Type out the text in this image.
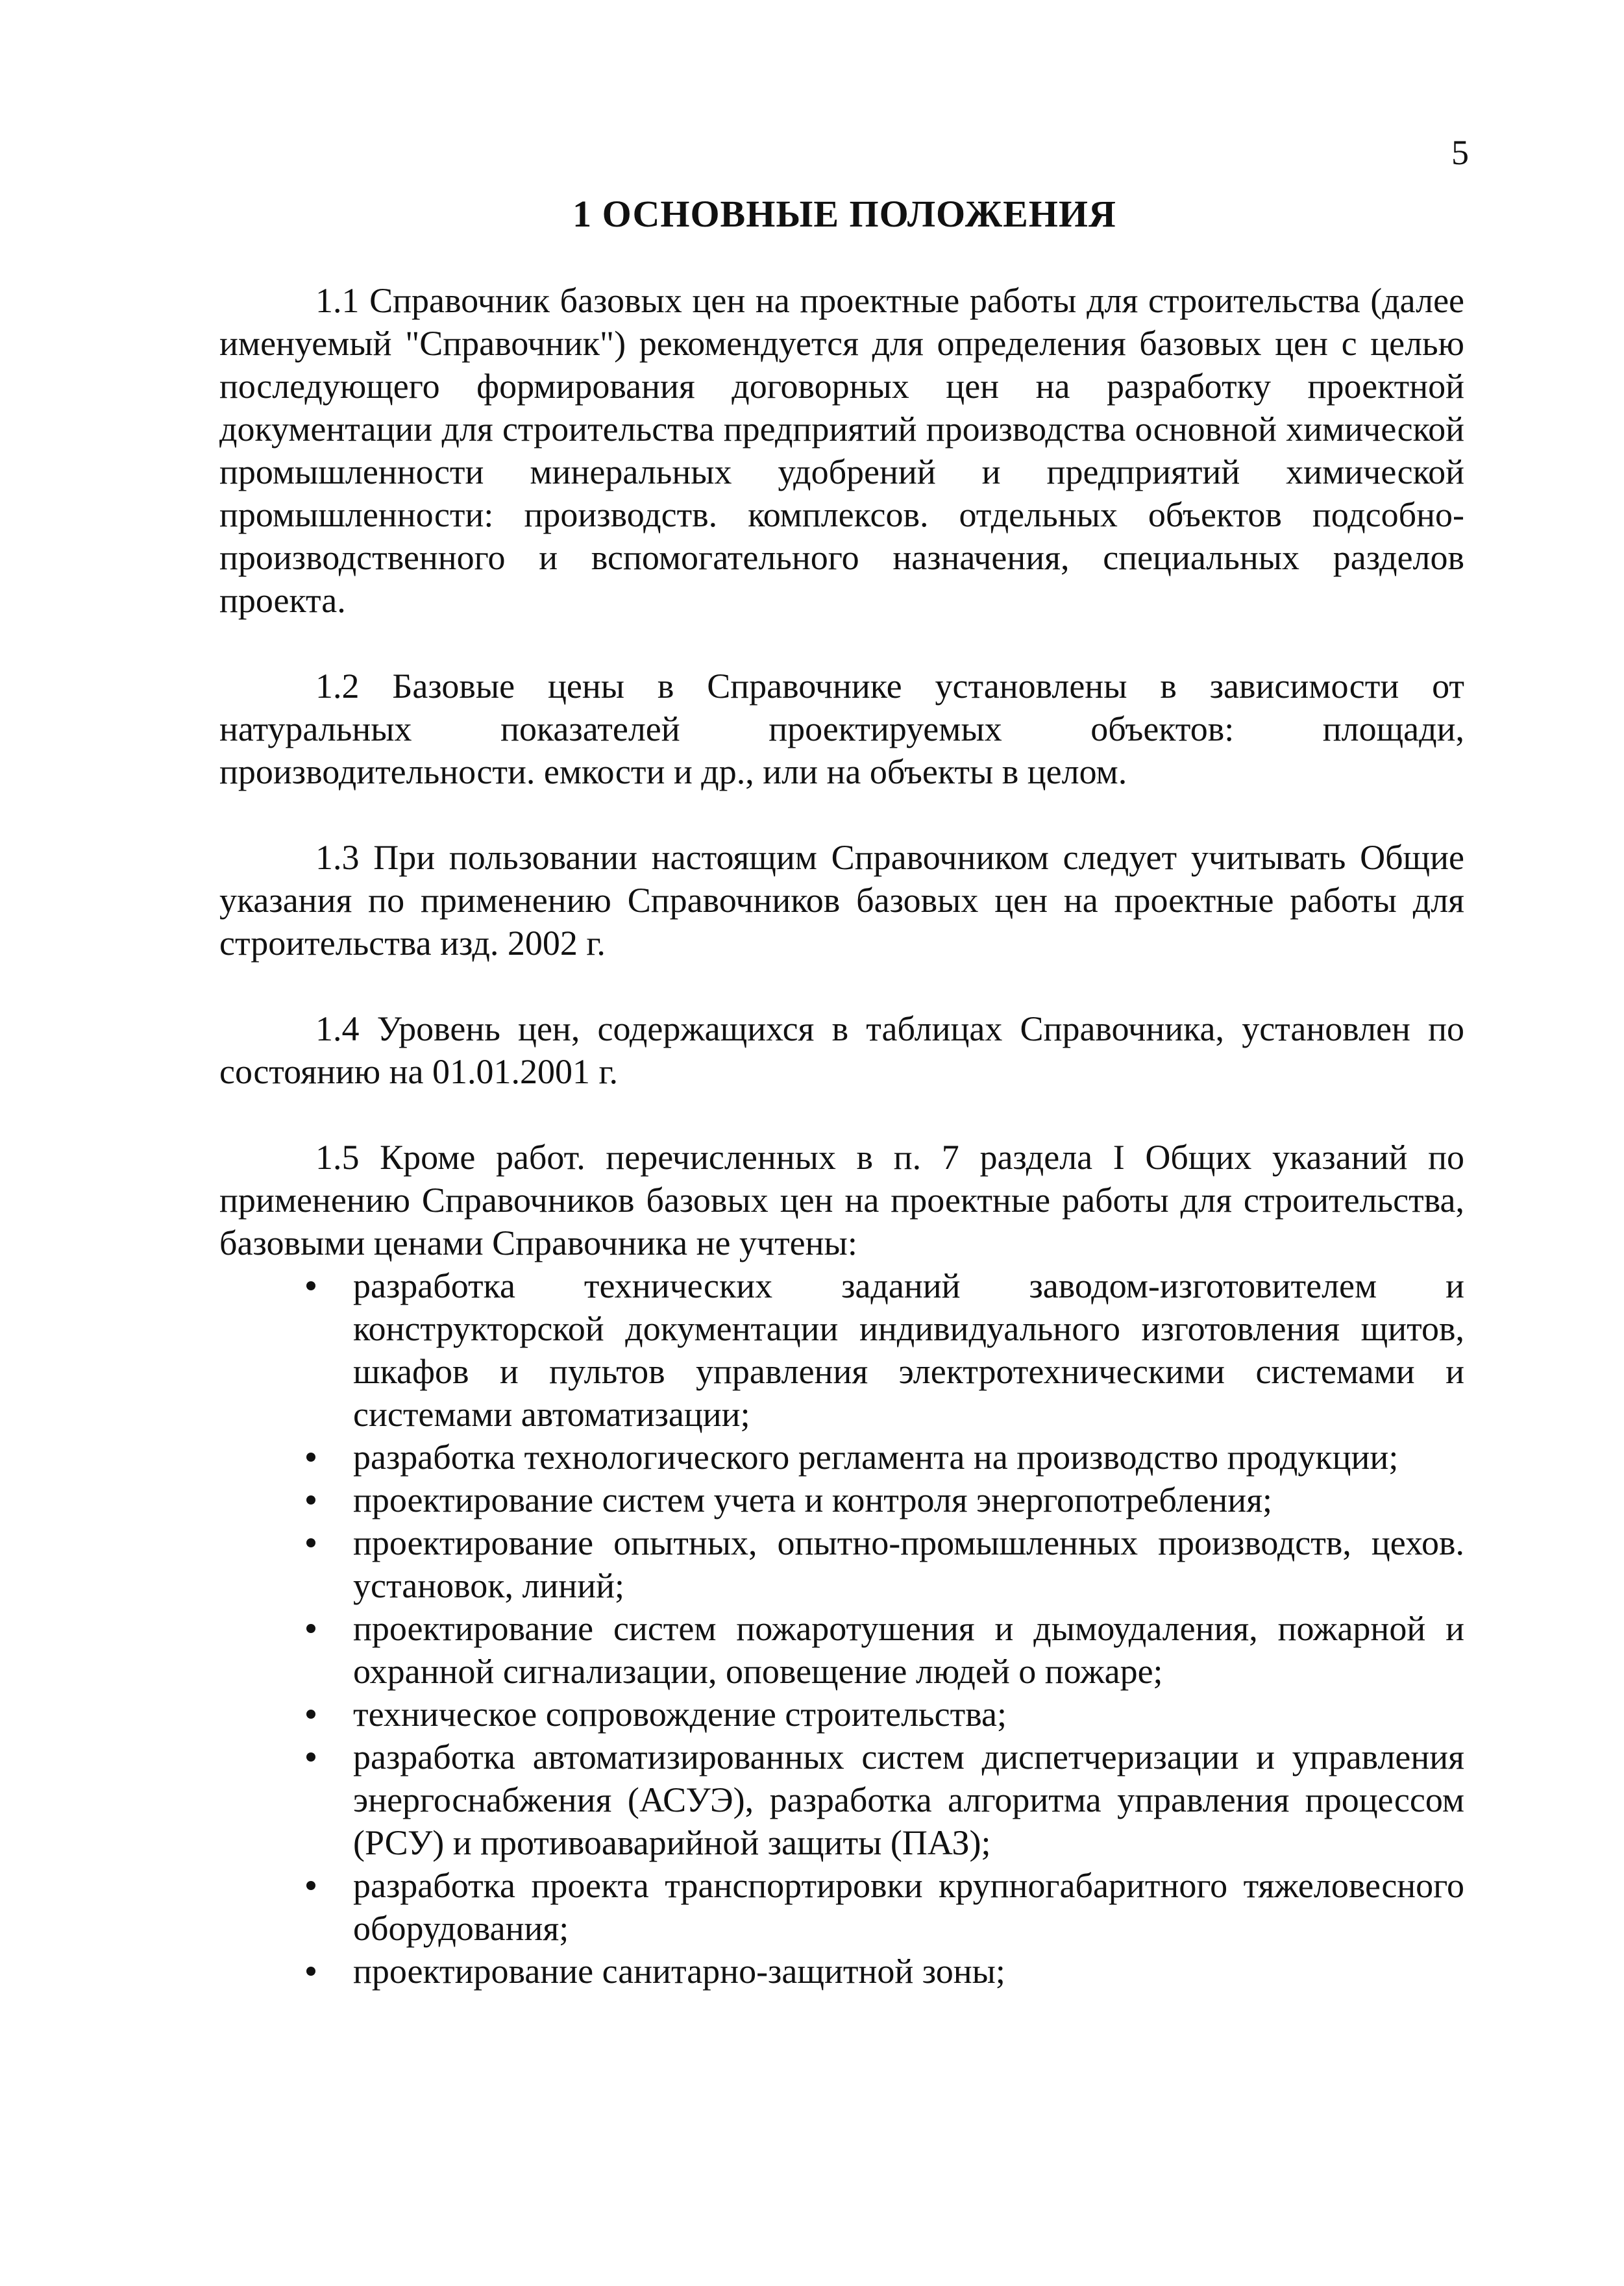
5
1 ОСНОВНЫЕ ПОЛОЖЕНИЯ

1.1 Справочник базовых цен на проектные работы для строительства (далее именуемый "Справочник") рекомендуется для определения базовых цен с целью последующего формирования договорных цен на разработку проектной документации для строительства предприятий производства основной химической промышленности минеральных удобрений и предприятий химической промышленности: производств. комплексов. отдельных объектов подсобно-производственного и вспомогательного назначения, специальных разделов проекта.

1.2 Базовые цены в Справочнике установлены в зависимости от натуральных показателей проектируемых объектов: площади, производительности. емкости и др., или на объекты в целом.

1.3 При пользовании настоящим Справочником следует учитывать Общие указания по применению Справочников базовых цен на проектные работы для строительства изд. 2002 г.

1.4 Уровень цен, содержащихся в таблицах Справочника, установлен по состоянию на 01.01.2001 г.

1.5 Кроме работ. перечисленных в п. 7 раздела I Общих указаний по применению Справочников базовых цен на проектные работы для строительства, базовыми ценами Справочника не учтены:

разработка технических заданий заводом-изготовителем и конструкторской документации индивидуального изготовления щитов, шкафов и пультов управления электротехническими системами и системами автоматизации;
разработка технологического регламента на производство продукции;
проектирование систем учета и контроля энергопотребления;
проектирование опытных, опытно-промышленных производств, цехов. установок, линий;
проектирование систем пожаротушения и дымоудаления, пожарной и охранной сигнализации, оповещение людей о пожаре;
техническое сопровождение строительства;
разработка автоматизированных систем диспетчеризации и управления энергоснабжения (АСУЭ), разработка алгоритма управления процессом (РСУ) и противоаварийной защиты (ПАЗ);
разработка проекта транспортировки крупногабаритного тяжеловесного оборудования;
проектирование санитарно-защитной зоны;
